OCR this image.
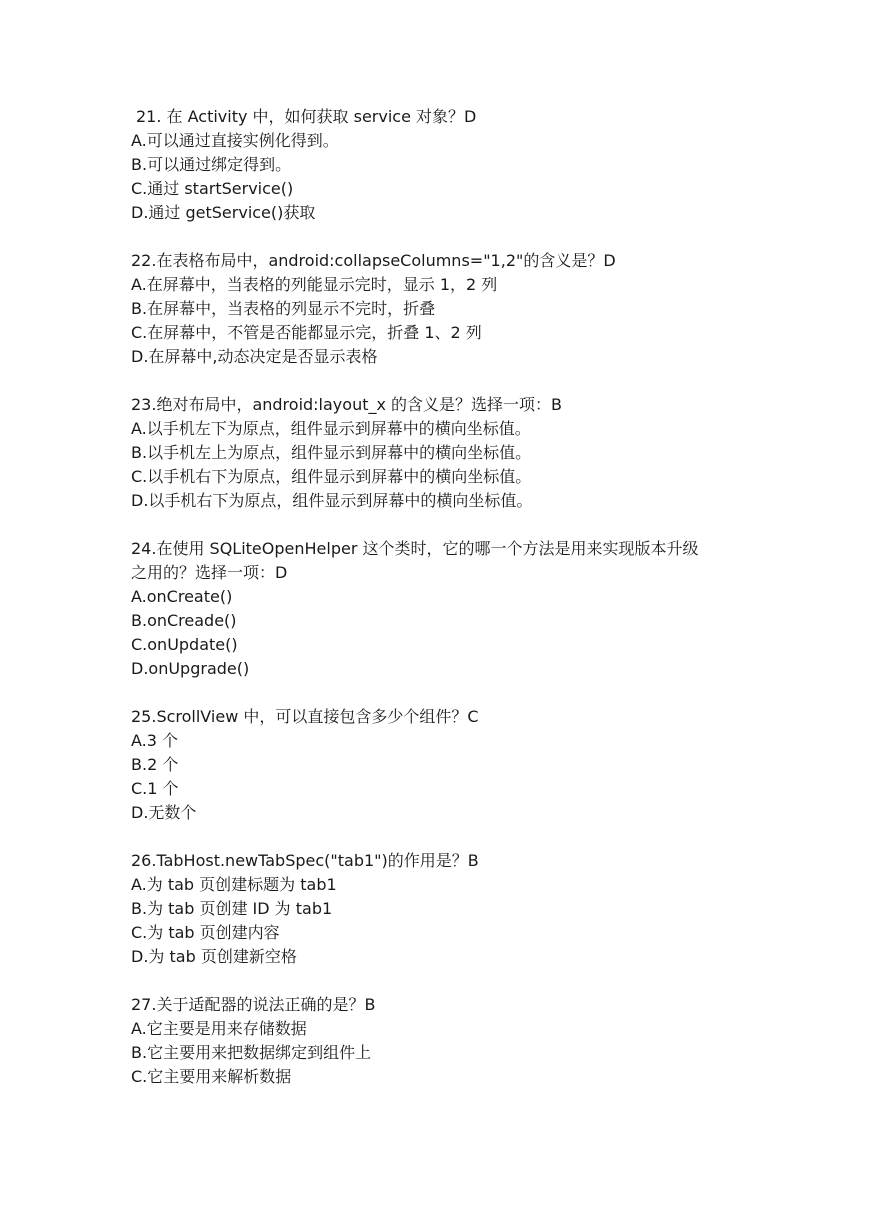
21. 在 Activity 中，如何获取 service 对象？D
A.可以通过直接实例化得到。
B.可以通过绑定得到。
C.通过 startService()
D.通过 getService()获取
22.在表格布局中，android:collapseColumns="1,2"的含义是？D
A.在屏幕中，当表格的列能显示完时，显示 1，2 列
B.在屏幕中，当表格的列显示不完时，折叠
C.在屏幕中，不管是否能都显示完，折叠 1、2 列
D.在屏幕中,动态决定是否显示表格
23.绝对布局中，android:layout_x 的含义是？选择一项：B
A.以手机左下为原点，组件显示到屏幕中的横向坐标值。
B.以手机左上为原点，组件显示到屏幕中的横向坐标值。
C.以手机右下为原点，组件显示到屏幕中的横向坐标值。
D.以手机右下为原点，组件显示到屏幕中的横向坐标值。
24.在使用 SQLiteOpenHelper 这个类时，它的哪一个方法是用来实现版本升级
之用的？选择一项：D
A.onCreate()
B.onCreade()
C.onUpdate()
D.onUpgrade()
25.ScrollView 中，可以直接包含多少个组件？C
A.3 个
B.2 个
C.1 个
D.无数个
26.TabHost.newTabSpec("tab1")的作用是？B
A.为 tab 页创建标题为 tab1
B.为 tab 页创建 ID 为 tab1
C.为 tab 页创建内容
D.为 tab 页创建新空格
27.关于适配器的说法正确的是？B
A.它主要是用来存储数据
B.它主要用来把数据绑定到组件上
C.它主要用来解析数据
